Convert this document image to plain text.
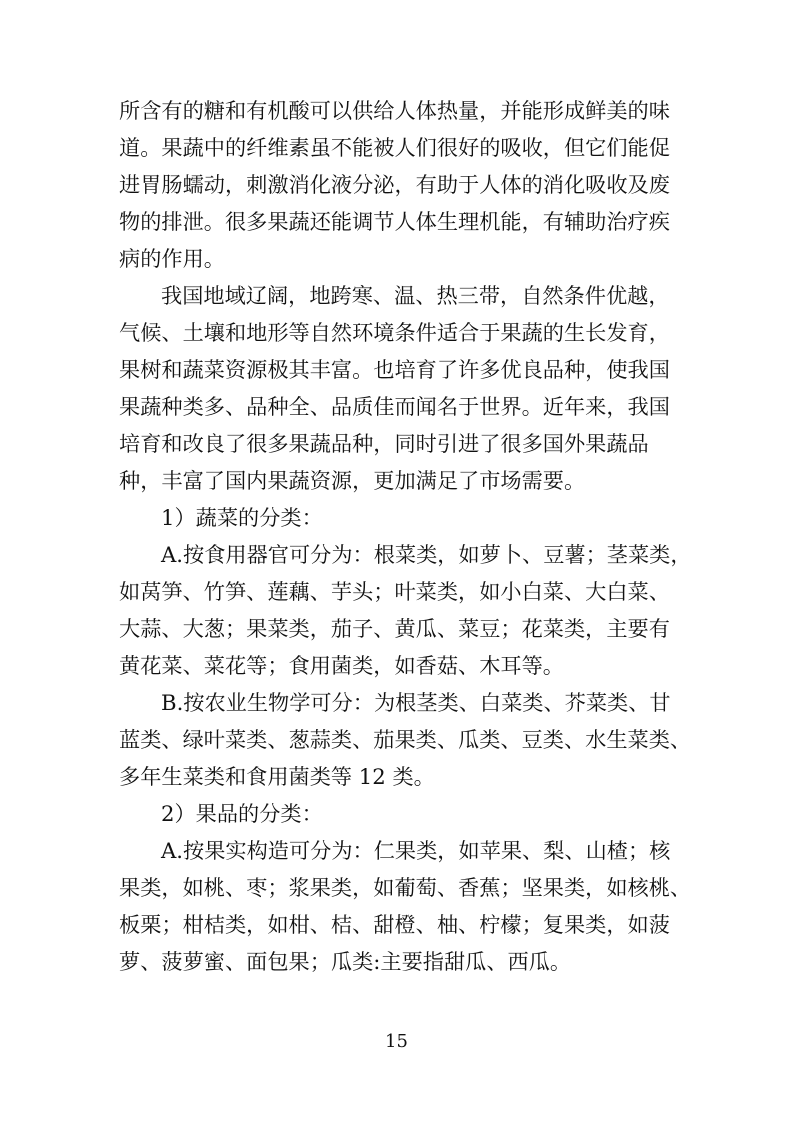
所含有的糖和有机酸可以供给人体热量，并能形成鲜美的味
道。果蔬中的纤维素虽不能被人们很好的吸收，但它们能促
进胃肠蠕动，刺激消化液分泌，有助于人体的消化吸收及废
物的排泄。很多果蔬还能调节人体生理机能，有辅助治疗疾
病的作用。
我国地域辽阔，地跨寒、温、热三带，自然条件优越，
气候、土壤和地形等自然环境条件适合于果蔬的生长发育，
果树和蔬菜资源极其丰富。也培育了许多优良品种，使我国
果蔬种类多、品种全、品质佳而闻名于世界。近年来，我国
培育和改良了很多果蔬品种，同时引进了很多国外果蔬品
种，丰富了国内果蔬资源，更加满足了市场需要。
1）蔬菜的分类：
A.按食用器官可分为：根菜类，如萝卜、豆薯；茎菜类，
如莴笋、竹笋、莲藕、芋头；叶菜类，如小白菜、大白菜、
大蒜、大葱；果菜类，茄子、黄瓜、菜豆；花菜类，主要有
黄花菜、菜花等；食用菌类，如香菇、木耳等。
B.按农业生物学可分：为根茎类、白菜类、芥菜类、甘
蓝类、绿叶菜类、葱蒜类、茄果类、瓜类、豆类、水生菜类、
多年生菜类和食用菌类等 12 类。
2）果品的分类：
A.按果实构造可分为：仁果类，如苹果、梨、山楂；核
果类，如桃、枣；浆果类，如葡萄、香蕉；坚果类，如核桃、
板栗；柑桔类，如柑、桔、甜橙、柚、柠檬；复果类，如菠
萝、菠萝蜜、面包果；瓜类:主要指甜瓜、西瓜。
15
